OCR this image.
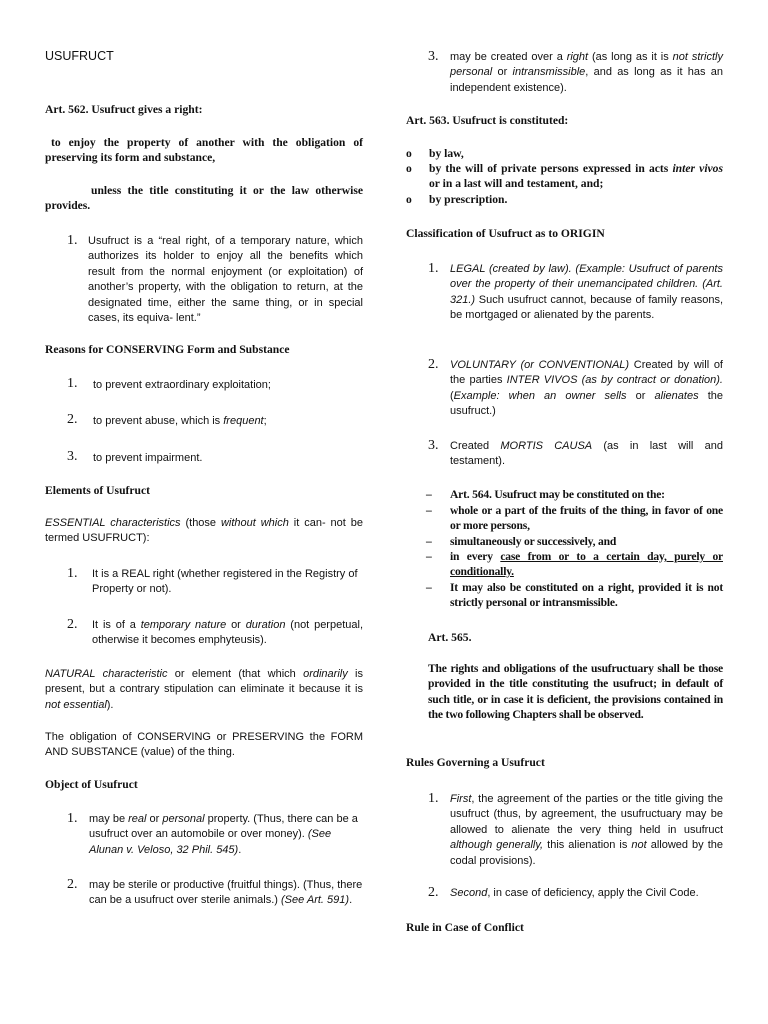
USUFRUCT
Art. 562. Usufruct gives a right:
to enjoy the property of another with the obligation of preserving its form and substance,
unless the title constituting it or the law otherwise provides.
1. Usufruct is a “real right, of a temporary nature, which authorizes its holder to enjoy all the benefits which result from the normal enjoyment (or exploitation) of another’s property, with the obligation to return, at the designated time, either the same thing, or in special cases, its equiva- lent.”
Reasons for CONSERVING Form and Substance
1. to prevent extraordinary exploitation;
2. to prevent abuse, which is frequent;
3. to prevent impairment.
Elements of Usufruct
ESSENTIAL characteristics (those without which it can- not be termed USUFRUCT):
1. It is a REAL right (whether registered in the Registry of Property or not).
2. It is of a temporary nature or duration (not perpetual, otherwise it becomes emphyteusis).
NATURAL characteristic or element (that which ordinarily is present, but a contrary stipulation can eliminate it because it is not essential).
The obligation of CONSERVING or PRESERVING the FORM AND SUBSTANCE (value) of the thing.
Object of Usufruct
1. may be real or personal property. (Thus, there can be a usufruct over an automobile or over money). (See Alunan v. Veloso, 32 Phil. 545).
2. may be sterile or productive (fruitful things). (Thus, there can be a usufruct over sterile animals.) (See Art. 591).
3. may be created over a right (as long as it is not strictly personal or intransmissible, and as long as it has an independent existence).
Art. 563. Usufruct is constituted:
o by law,
o by the will of private persons expressed in acts inter vivos or in a last will and testament, and;
o by prescription.
Classification of Usufruct as to ORIGIN
1. LEGAL (created by law). (Example: Usufruct of parents over the property of their unemancipated children. (Art. 321.) Such usufruct cannot, because of family reasons, be mortgaged or alienated by the parents.
2. VOLUNTARY (or CONVENTIONAL) Created by will of the parties INTER VIVOS (as by contract or donation). (Example: when an owner sells or alienates the usufruct.)
3. Created MORTIS CAUSA (as in last will and testament).
– Art. 564. Usufruct may be constituted on the:
– whole or a part of the fruits of the thing, in favor of one or more persons,
– simultaneously or successively, and
– in every case from or to a certain day, purely or conditionally.
– It may also be constituted on a right, provided it is not strictly personal or intransmissible.
Art. 565.
The rights and obligations of the usufructuary shall be those provided in the title constituting the usufruct; in default of such title, or in case it is deficient, the provisions contained in the two following Chapters shall be observed.
Rules Governing a Usufruct
1. First, the agreement of the parties or the title giving the usufruct (thus, by agreement, the usufructuary may be allowed to alienate the very thing held in usufruct although generally, this alienation is not allowed by the codal provisions).
2. Second, in case of deficiency, apply the Civil Code.
Rule in Case of Conflict
